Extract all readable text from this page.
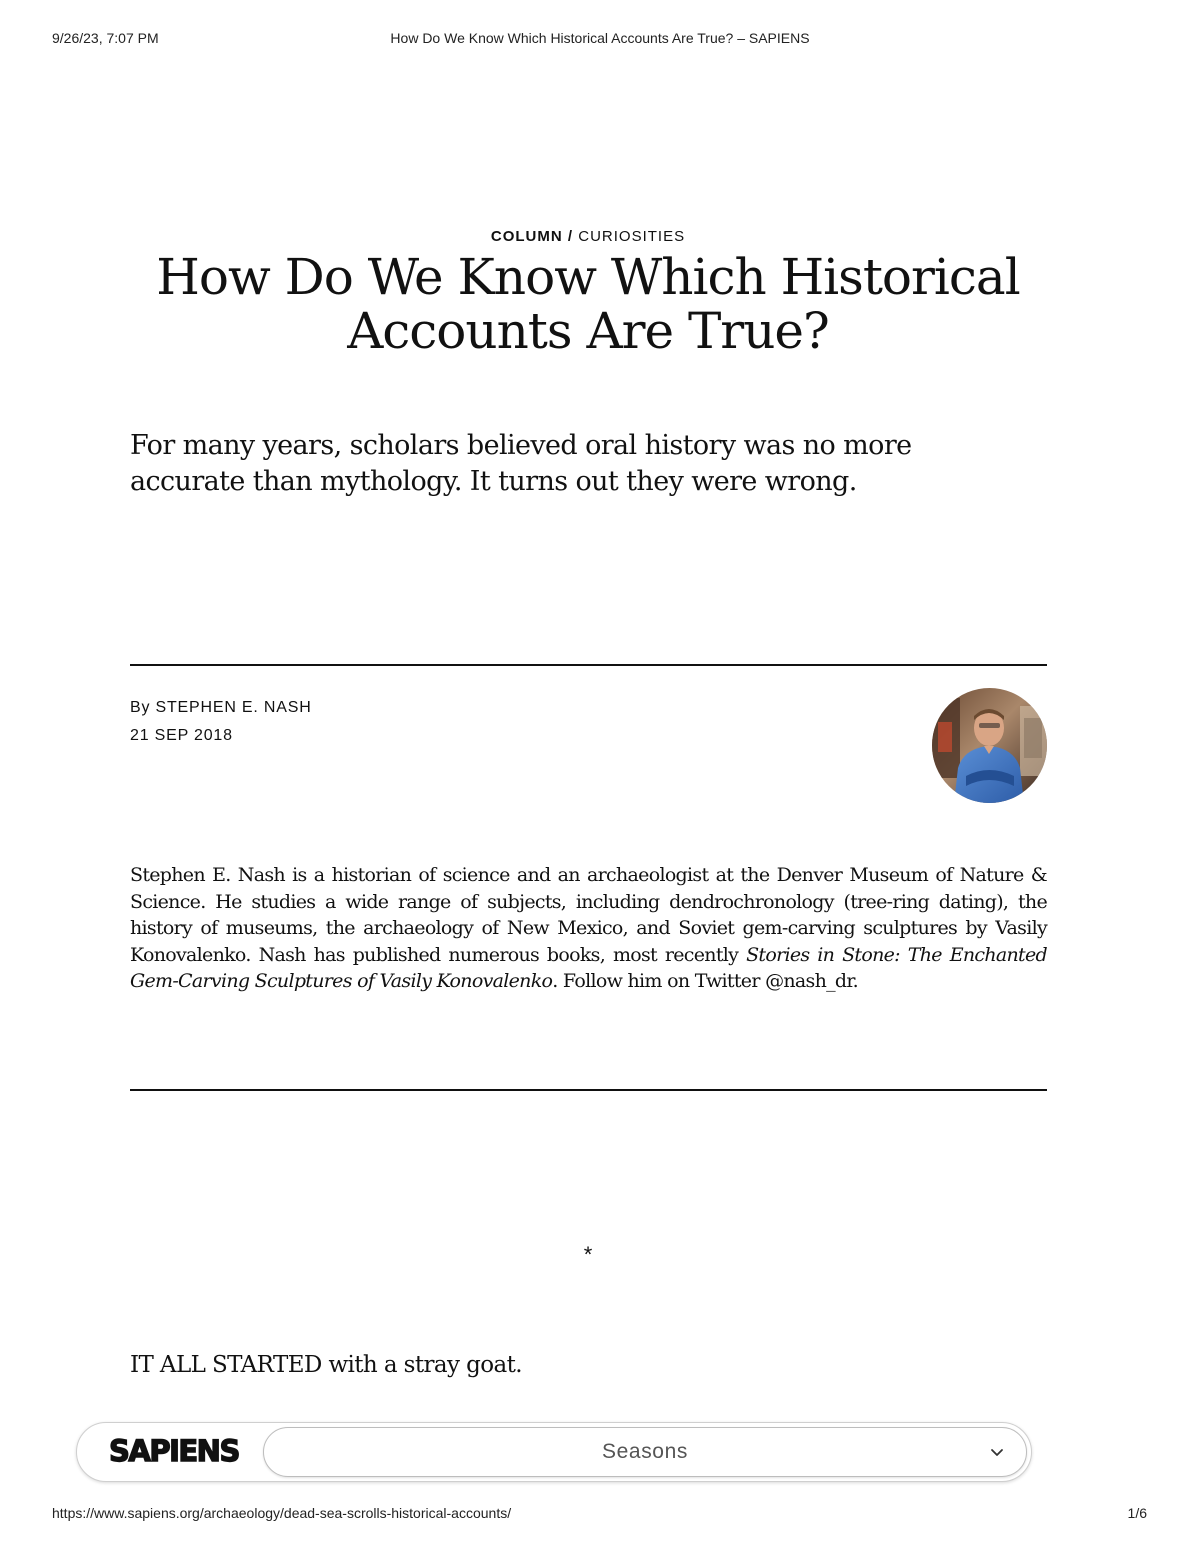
9/26/23, 7:07 PM	How Do We Know Which Historical Accounts Are True? – SAPIENS
COLUMN / CURIOSITIES
How Do We Know Which Historical Accounts Are True?

For many years, scholars believed oral history was no more accurate than mythology. It turns out they were wrong.

By STEPHEN E. NASH
21 SEP 2018

Stephen E. Nash is a historian of science and an archaeologist at the Denver Museum of Nature & Science. He studies a wide range of subjects, including dendrochronology (tree-ring dating), the history of museums, the archaeology of New Mexico, and Soviet gem-carving sculptures by Vasily Konovalenko. Nash has published numerous books, most recently Stories in Stone: The Enchanted Gem-Carving Sculptures of Vasily Konovalenko. Follow him on Twitter @nash_dr.

*

IT ALL STARTED with a stray goat.

SAPIENS	Seasons
https://www.sapiens.org/archaeology/dead-sea-scrolls-historical-accounts/	1/6
